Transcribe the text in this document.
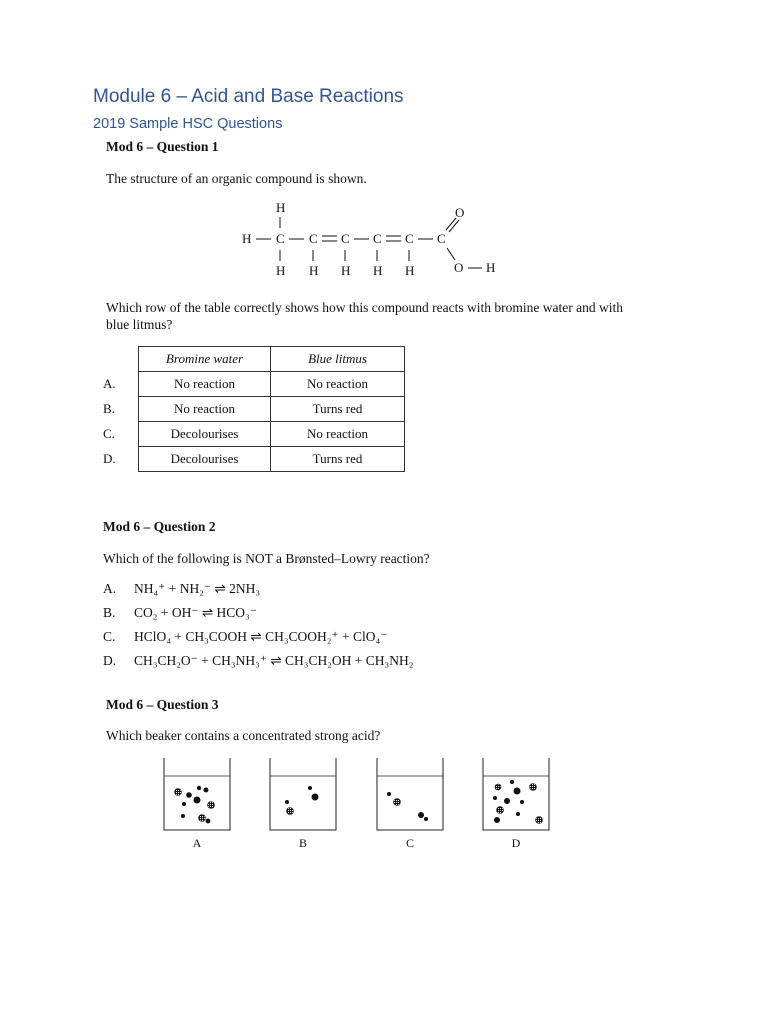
Module 6 – Acid and Base Reactions
2019 Sample HSC Questions
Mod 6 – Question 1
The structure of an organic compound is shown.
H
H C C C C C C
H H H H H
O
O H
Which row of the table correctly shows how this compound reacts with bromine water and with blue litmus?
	Bromine water	Blue litmus
A.	No reaction	No reaction
B.	No reaction	Turns red
C.	Decolourises	No reaction
D.	Decolourises	Turns red
Mod 6 – Question 2
Which of the following is NOT a Brønsted–Lowry reaction?
A. NH₄⁺ + NH₂⁻ ⇌ 2NH₃
B. CO₂ + OH⁻ ⇌ HCO₃⁻
C. HClO₄ + CH₃COOH ⇌ CH₃COOH₂⁺ + ClO₄⁻
D. CH₃CH₂O⁻ + CH₃NH₃⁺ ⇌ CH₃CH₂OH + CH₃NH₂
Mod 6 – Question 3
Which beaker contains a concentrated strong acid?
A	B	C	D
